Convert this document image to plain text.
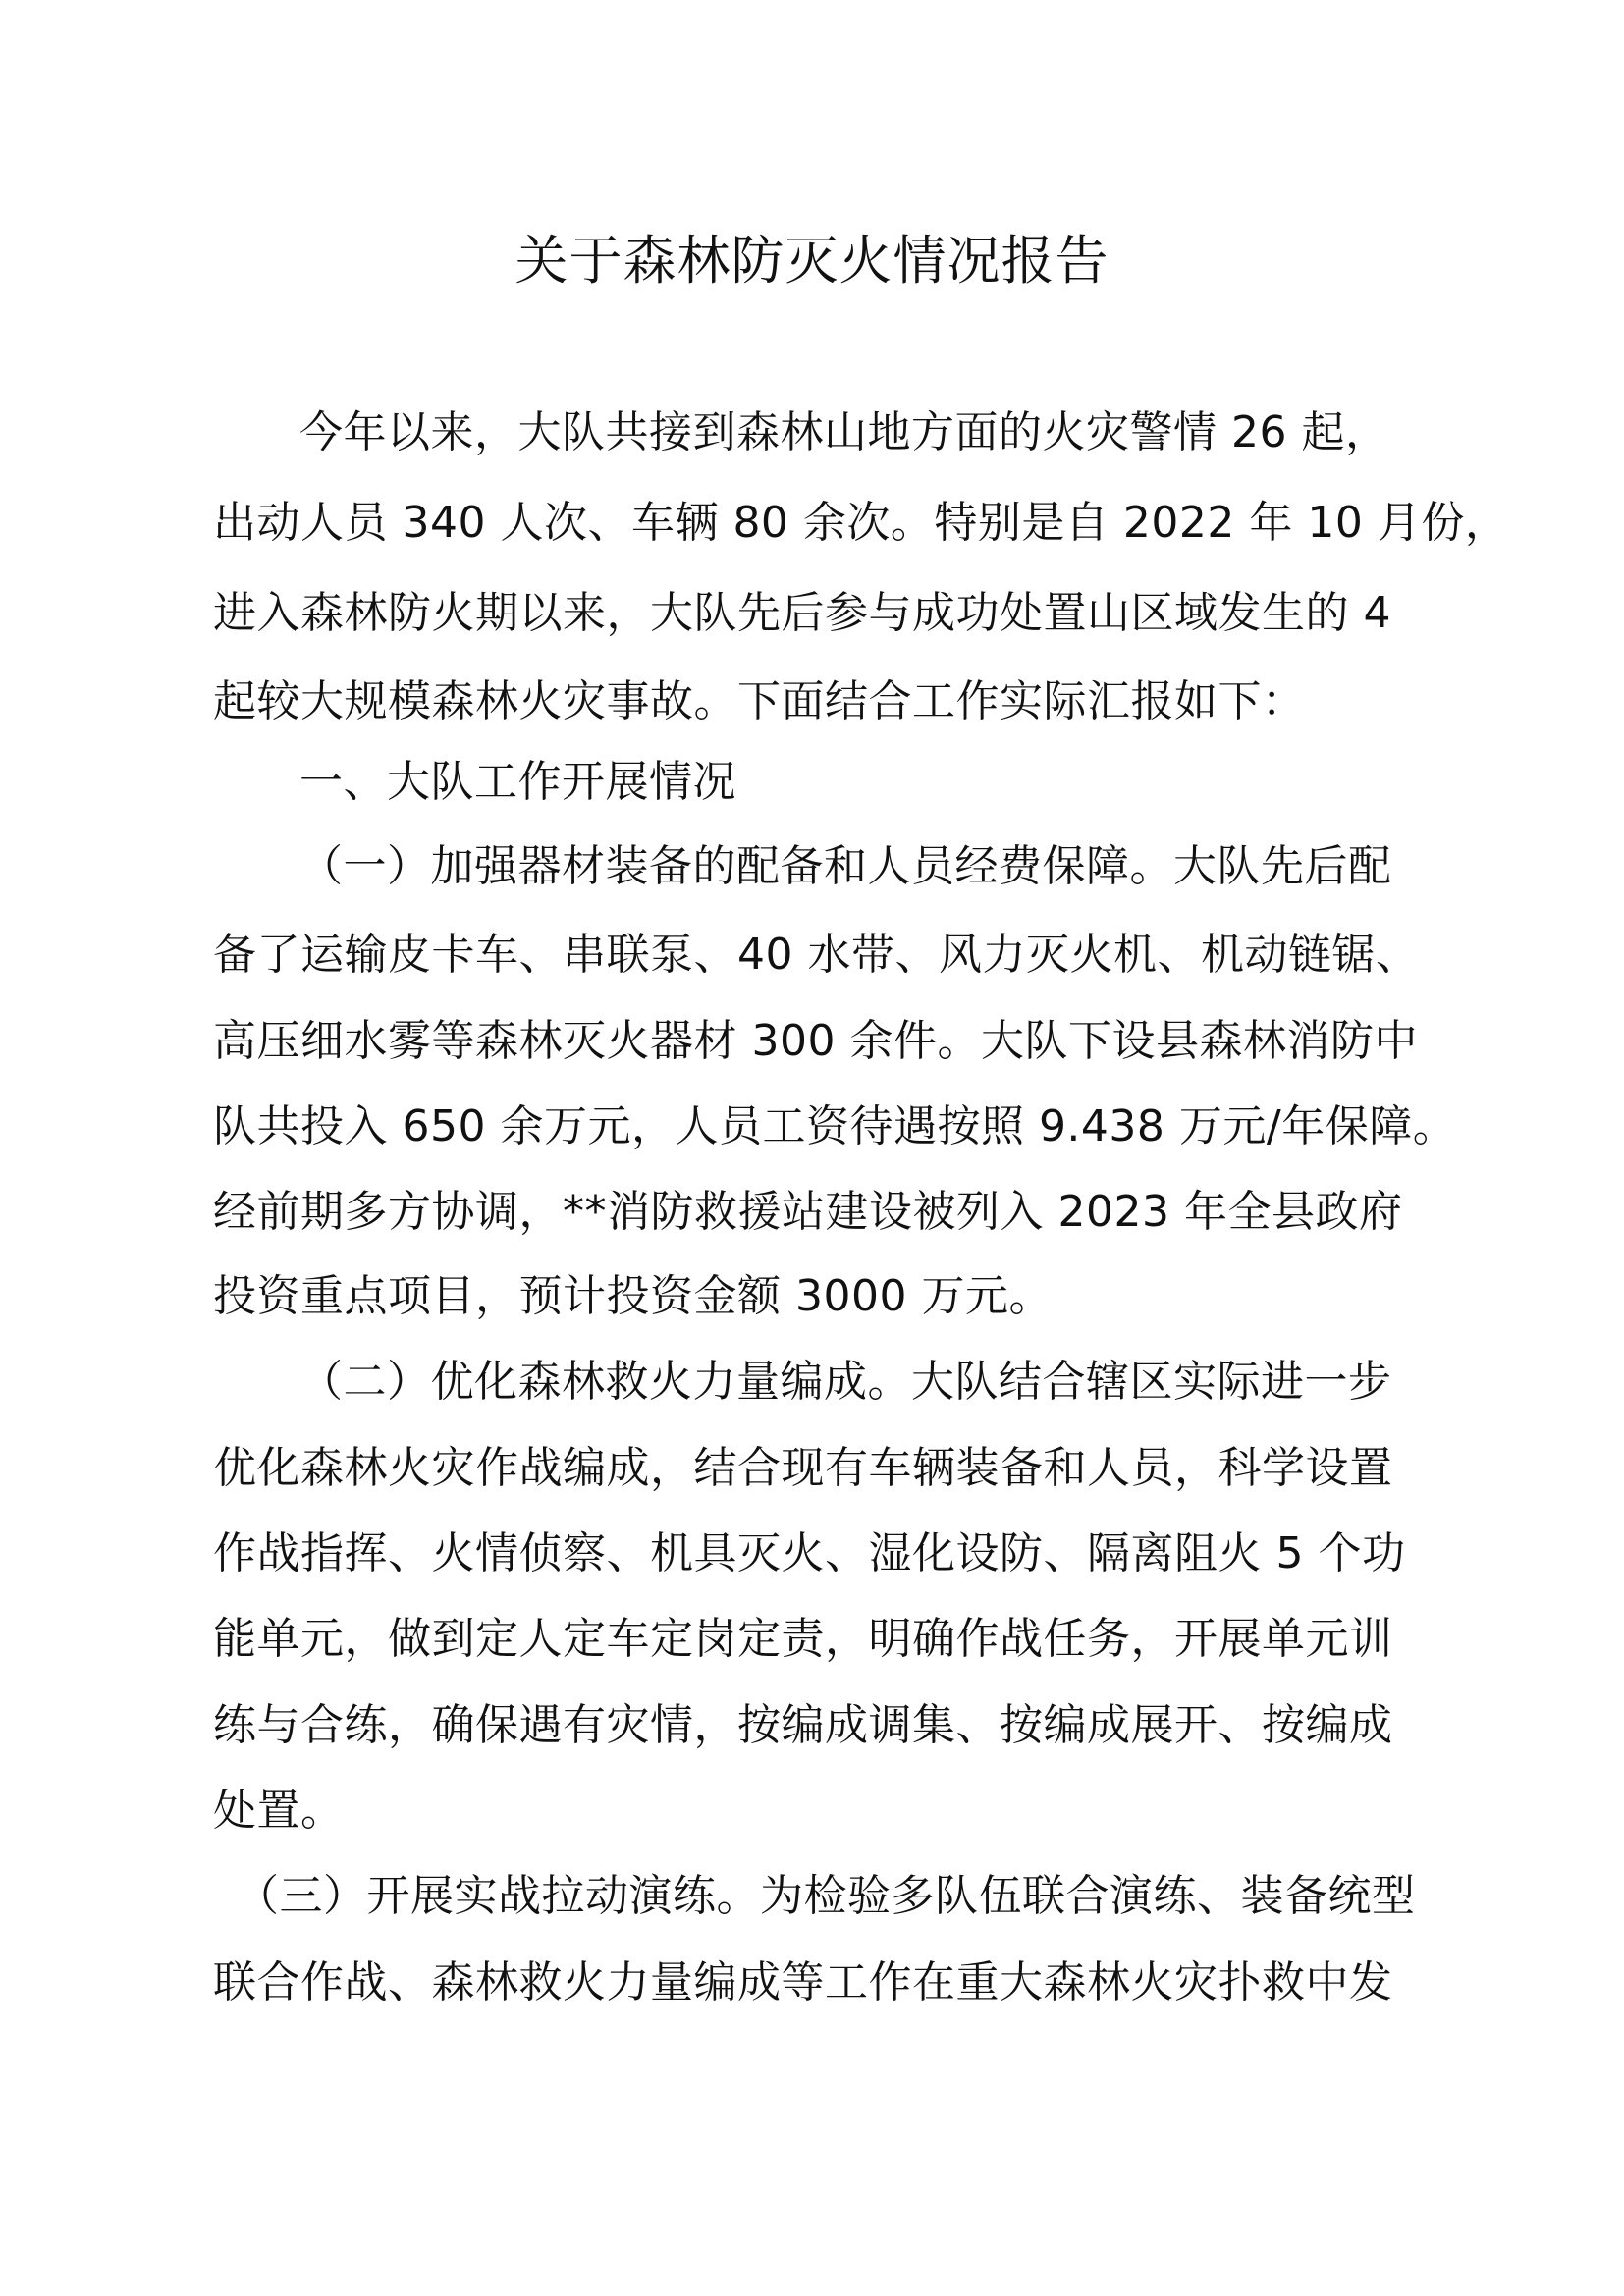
关于森林防灭火情况报告
今年以来，大队共接到森林山地方面的火灾警情 26 起，
出动人员 340 人次、车辆 80 余次。特别是自 2022 年 10 月份，
进入森林防火期以来，大队先后参与成功处置山区域发生的 4
起较大规模森林火灾事故。下面结合工作实际汇报如下：
一、大队工作开展情况
（一）加强器材装备的配备和人员经费保障。大队先后配
备了运输皮卡车、串联泵、40 水带、风力灭火机、机动链锯、
高压细水雾等森林灭火器材 300 余件。大队下设县森林消防中
队共投入 650 余万元，人员工资待遇按照 9.438 万元/年保障。
经前期多方协调，**消防救援站建设被列入 2023 年全县政府
投资重点项目，预计投资金额 3000 万元。
（二）优化森林救火力量编成。大队结合辖区实际进一步
优化森林火灾作战编成，结合现有车辆装备和人员，科学设置
作战指挥、火情侦察、机具灭火、湿化设防、隔离阻火 5 个功
能单元，做到定人定车定岗定责，明确作战任务，开展单元训
练与合练，确保遇有灾情，按编成调集、按编成展开、按编成
处置。
（三）开展实战拉动演练。为检验多队伍联合演练、装备统型
联合作战、森林救火力量编成等工作在重大森林火灾扑救中发
